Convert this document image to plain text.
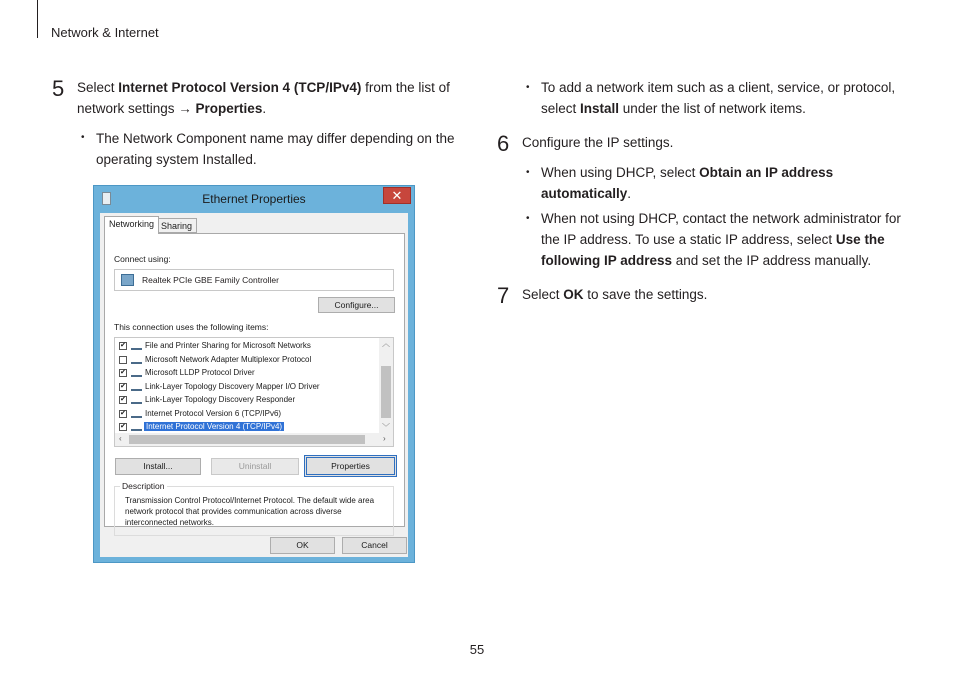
Network & Internet
5 Select Internet Protocol Version 4 (TCP/IPv4) from the list of network settings → Properties.
• The Network Component name may differ depending on the operating system Installed.
Ethernet Properties	✕
Networking Sharing
Connect using:
Realtek PCIe GBE Family Controller
Configure...
This connection uses the following items:
✔ File and Printer Sharing for Microsoft Networks
Microsoft Network Adapter Multiplexor Protocol
✔ Microsoft LLDP Protocol Driver
✔ Link-Layer Topology Discovery Mapper I/O Driver
✔ Link-Layer Topology Discovery Responder
✔ Internet Protocol Version 6 (TCP/IPv6)
✔	Internet Protocol Version 4 (TCP/IPv4)
︿
﹀
‹	›
Install...	Uninstall	Properties
Description
Transmission Control Protocol/Internet Protocol. The default wide area network protocol that provides communication across diverse interconnected networks.
OK	Cancel
• To add a network item such as a client, service, or protocol, select Install under the list of network items.
6 Configure the IP settings.
• When using DHCP, select Obtain an IP address automatically.
• When not using DHCP, contact the network administrator for the IP address. To use a static IP address, select Use the following IP address and set the IP address manually.
7 Select OK to save the settings.
55
